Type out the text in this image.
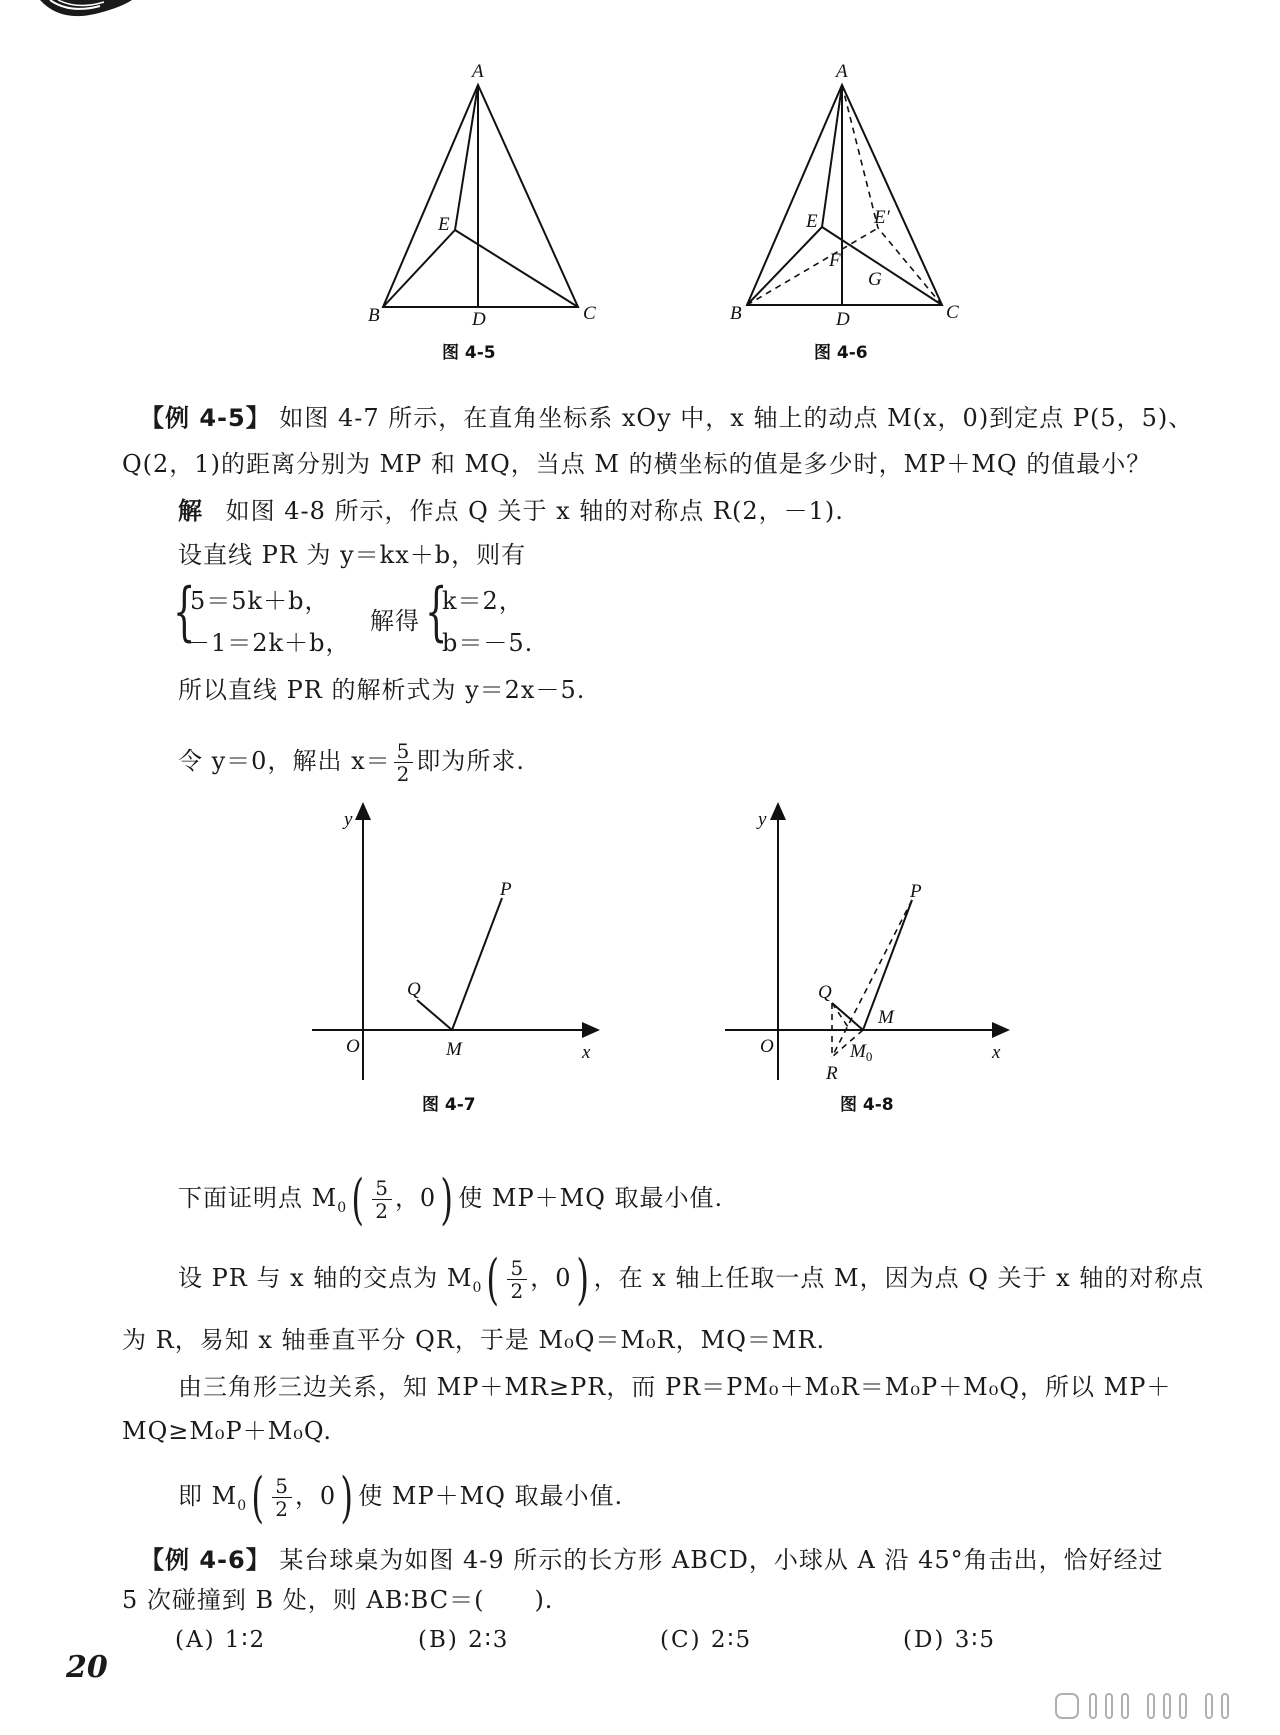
A
B	C
D
E
图 4-5
A
B	C
D
E	E′
F
G
图 4-6
【例 4-5】 如图 4-7 所示，在直角坐标系 xOy 中，x 轴上的动点 M(x，0)到定点 P(5，5)、
Q(2，1)的距离分别为 MP 和 MQ，当点 M 的横坐标的值是多少时，MP＋MQ 的值最小？
解 如图 4-8 所示，作点 Q 关于 x 轴的对称点 R(2，－1).
设直线 PR 为 y＝kx＋b，则有
{
5＝5k＋b，
－1＝2k＋b，
解得 {
k＝2，
b＝－5.
所以直线 PR 的解析式为 y＝2x－5.
令 y＝0，解出 $x= \frac{5}{2}$ 即为所求.
y
x
O
P
Q
M
图 4-7
y
x
O
P
Q
M
$M_0$
R
图 4-8
下面证明点 $M_0( \frac{5}{2}$ ，0) 使 MP＋MQ 取最小值.
设 PR 与 x 轴的交点为 $M_0( \frac{5}{2}$ ，0) ，在 x 轴上任取一点 M，因为点 Q 关于 x 轴的对称点
为 R，易知 x 轴垂直平分 QR，于是 M₀Q＝M₀R，MQ＝MR.
由三角形三边关系，知 MP＋MR≥PR，而 PR＝PM₀＋M₀R＝M₀P＋M₀Q，所以 MP＋
MQ≥M₀P＋M₀Q.
即 $M_0( \frac{5}{2}$ ，0) 使 MP＋MQ 取最小值.
【例 4-6】 某台球桌为如图 4-9 所示的长方形 ABCD，小球从 A 沿 45°角击出，恰好经过
5 次碰撞到 B 处，则 AB∶BC＝(　　).
(A) 1∶2	(B) 2∶3	(C) 2∶5	(D) 3∶5
20
